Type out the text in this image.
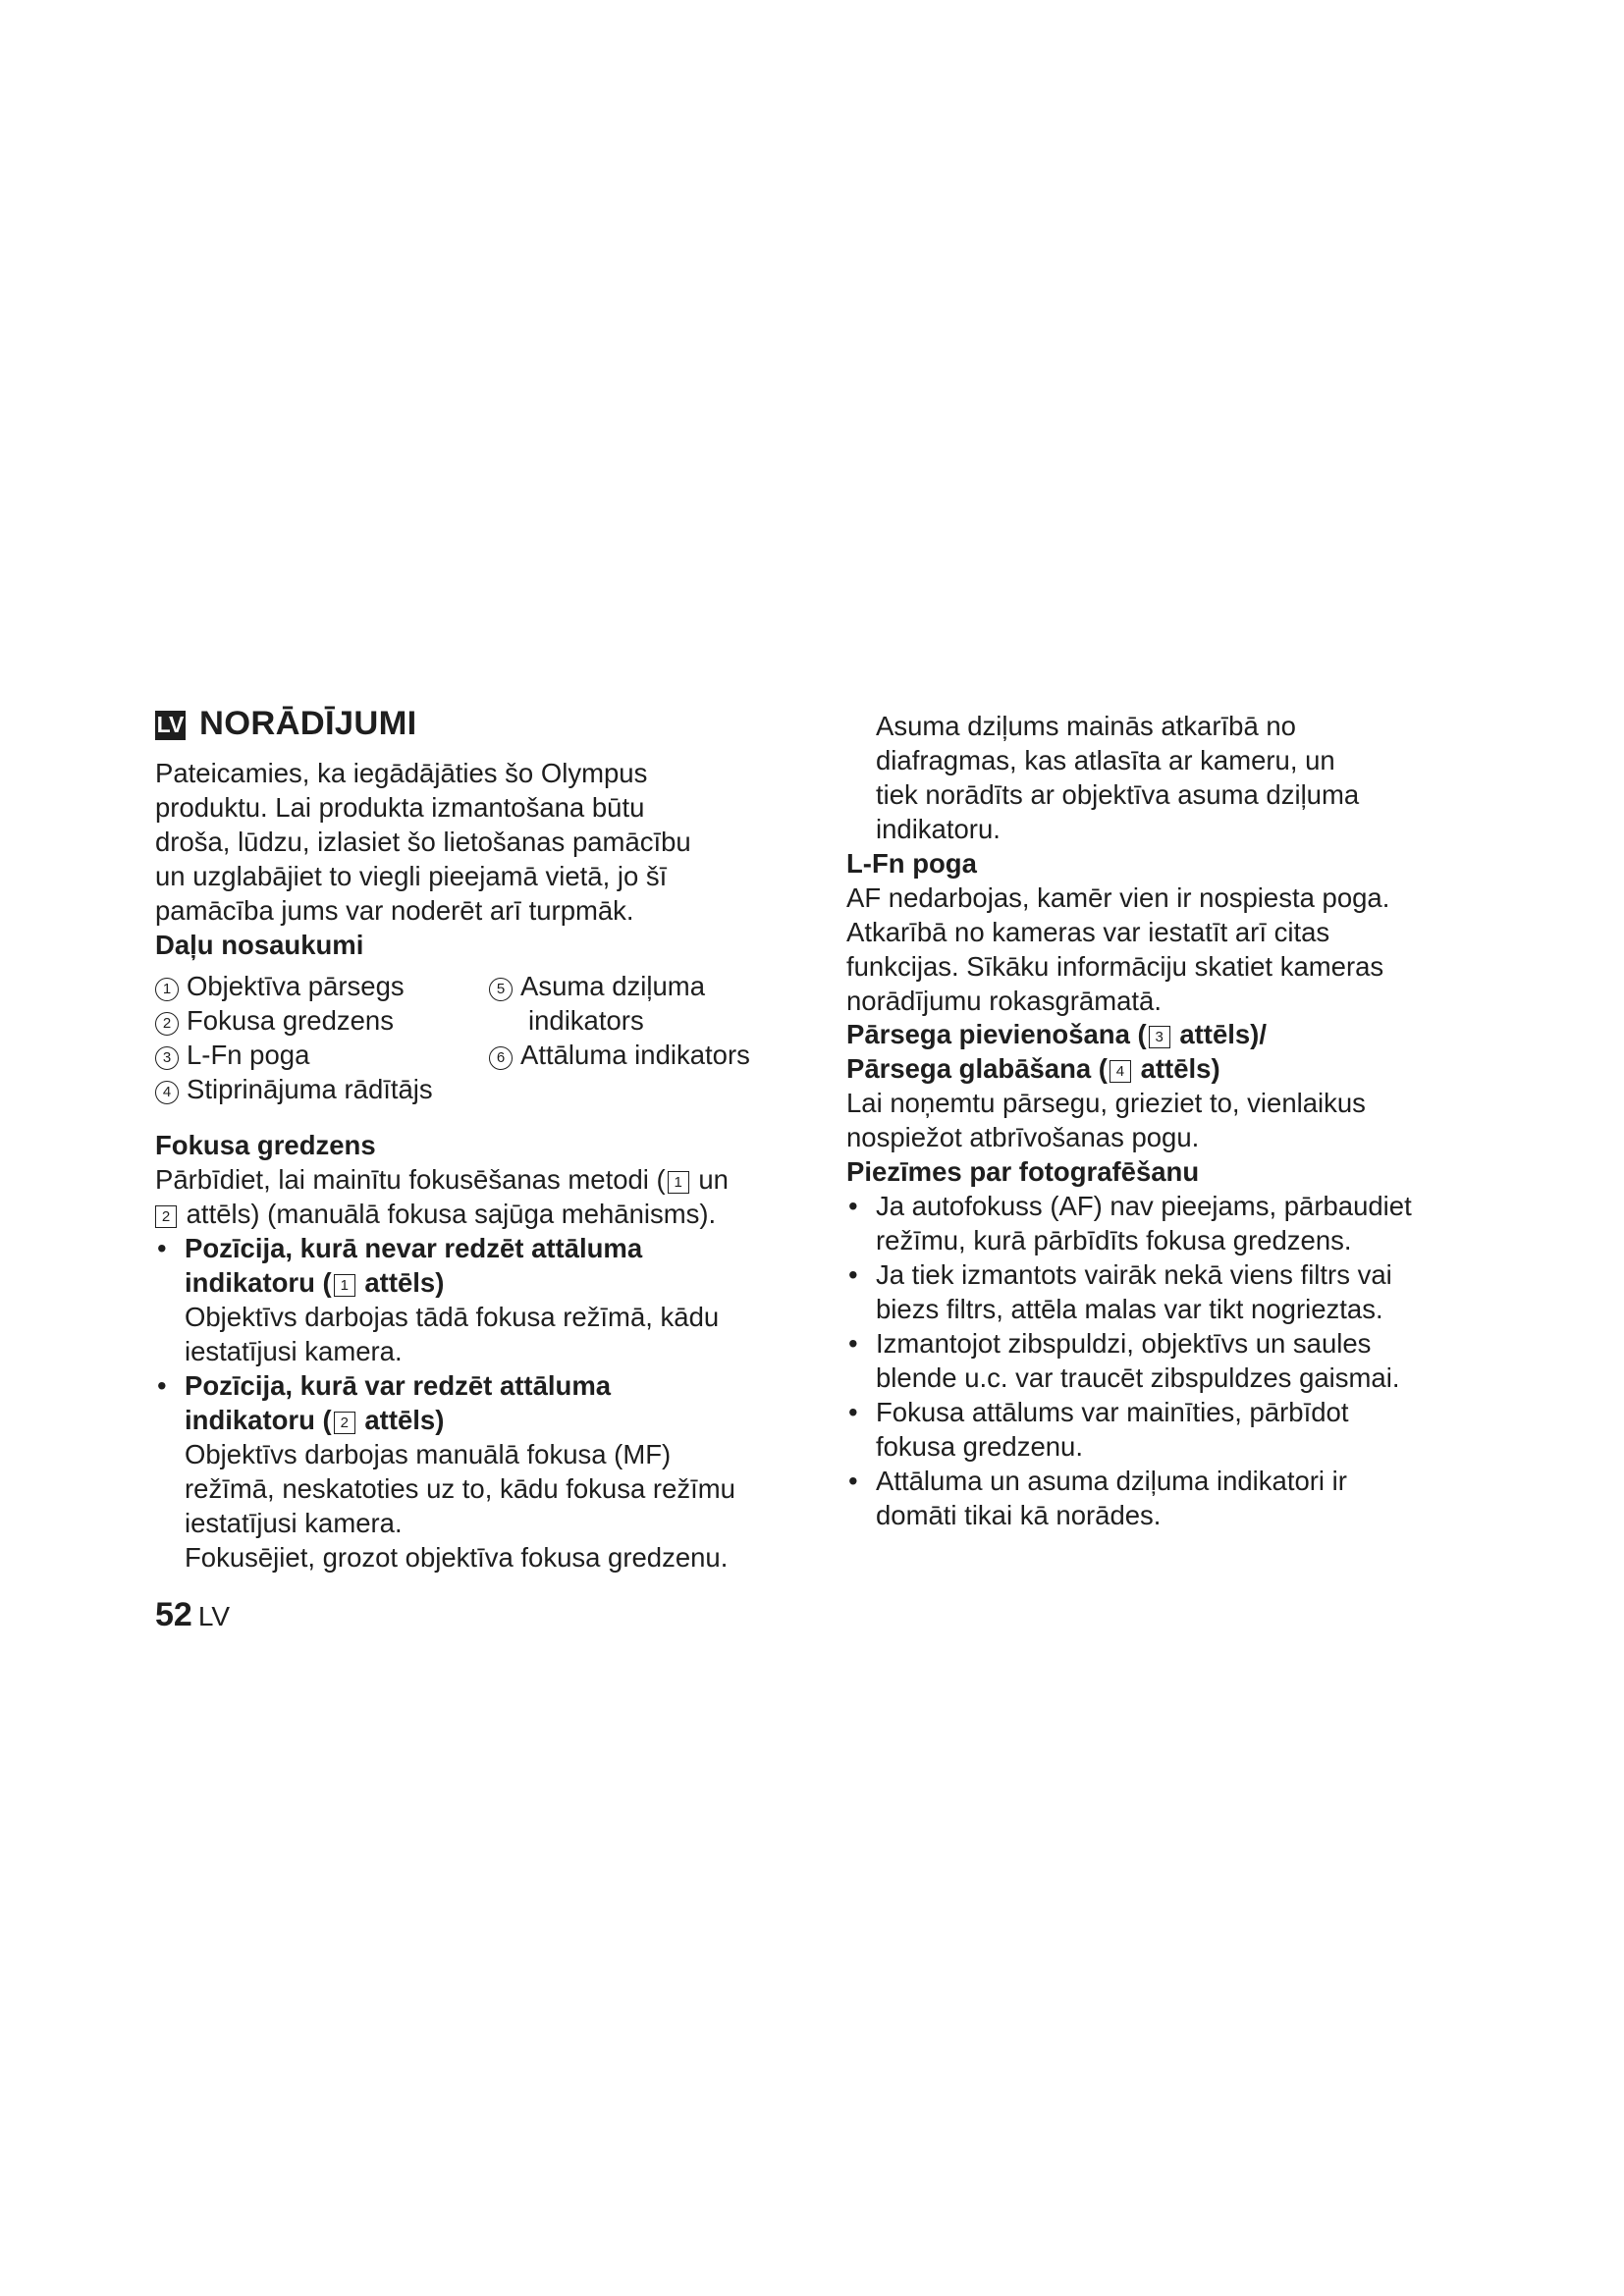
LV NORĀDĪJUMI

Pateicamies, ka iegādājāties šo Olympus

produktu. Lai produkta izmantošana būtu

droša, lūdzu, izlasiet šo lietošanas pamācību

un uzglabājiet to viegli pieejamā vietā, jo šī

pamācība jums var noderēt arī turpmāk.

Daļu nosaukumi

1 Objektīva pārsegs
2 Fokusa gredzens
3 L-Fn poga
4 Stiprinājuma rādītājs
5 Asuma dziļuma
indikators
6 Attāluma indikators

Fokusa gredzens

Pārbīdiet, lai mainītu fokusēšanas metodi ( 1 un

2 attēls) (manuālā fokusa sajūga mehānisms).

• Pozīcija, kurā nevar redzēt attāluma
indikatoru ( 1 attēls)

Objektīvs darbojas tādā fokusa režīmā, kādu

iestatījusi kamera.

• Pozīcija, kurā var redzēt attāluma
indikatoru ( 2 attēls)

Objektīvs darbojas manuālā fokusa (MF)

režīmā, neskatoties uz to, kādu fokusa režīmu

iestatījusi kamera.

Fokusējiet, grozot objektīva fokusa gredzenu.

52 LV

Asuma dziļums mainās atkarībā no

diafragmas, kas atlasīta ar kameru, un

tiek norādīts ar objektīva asuma dziļuma

indikatoru.

L-Fn poga

AF nedarbojas, kamēr vien ir nospiesta poga.

Atkarībā no kameras var iestatīt arī citas

funkcijas. Sīkāku informāciju skatiet kameras

norādījumu rokasgrāmatā.

Pārsega pievienošana ( 3 attēls)/
Pārsega glabāšana ( 4 attēls)

Lai noņemtu pārsegu, grieziet to, vienlaikus

nospiežot atbrīvošanas pogu.

Piezīmes par fotografēšanu

• Ja autofokuss (AF) nav pieejams, pārbaudiet
režīmu, kurā pārbīdīts fokusa gredzens.
• Ja tiek izmantots vairāk nekā viens filtrs vai
biezs filtrs, attēla malas var tikt nogrieztas.
• Izmantojot zibspuldzi, objektīvs un saules
blende u.c. var traucēt zibspuldzes gaismai.
• Fokusa attālums var mainīties, pārbīdot
fokusa gredzenu.
• Attāluma un asuma dziļuma indikatori ir
domāti tikai kā norādes.
